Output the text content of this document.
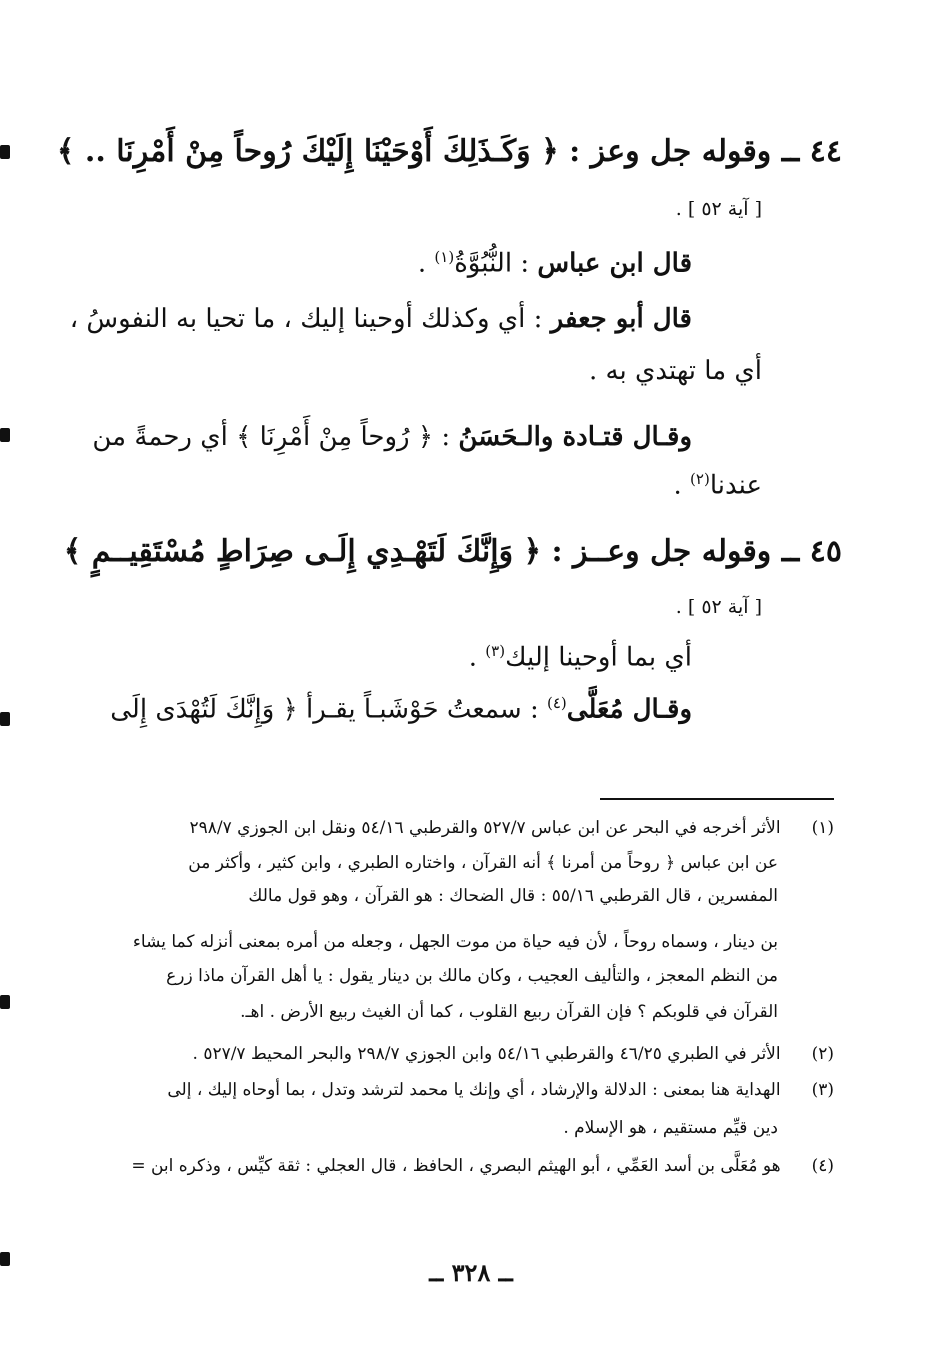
٤٤ ــ وقوله جل وعز : ﴿ وَكَـذَلِكَ أَوْحَيْنَا إِلَيْكَ رُوحاً مِنْ أَمْرِنَا .. ﴾
[ آية ٥٢ ] .
قال ابن عباس : النُّبُوَّةُ$^{(١)}$ .
قال أبو جعفر : أي وكذلك أوحينا إليك ، ما تحيا به النفوسُ ،
أي ما تهتدي به .
وقـال قتـادة والـحَسَنُ : ﴿ رُوحاً مِنْ أَمْرِنَا ﴾ أي رحمةً من
عندنا$^{(٢)}$ .
٤٥ ــ وقوله جل وعــز : ﴿ وَإِنَّكَ لَتَهْـدِي إِلَـى صِرَاطٍ مُسْتَقِيــمٍ ﴾
[ آية ٥٢ ] .
أي بما أوحينا إليك$^{(٣)}$ .
وقـال مُعَلَّى$^{(٤)}$ : سمعتُ حَوْشَبـاً يقـرأ ﴿ وَإِنَّكَ لَتُهْدَى إِلَى
(١) الأثر أخرجه في البحر عن ابن عباس ٥٢٧/٧ والقرطبي ٥٤/١٦ ونقل ابن الجوزي ٢٩٨/٧
عن ابن عباس ﴿ روحاً من أمرنا ﴾ أنه القرآن ، واختاره الطبري ، وابن كثير ، وأكثر من
المفسرين ، قال القرطبي ٥٥/١٦ : قال الضحاك : هو القرآن ، وهو قول مالك
بن دينار ، وسماه روحاً ، لأن فيه حياة من موت الجهل ، وجعله من أمره بمعنى أنزله كما يشاء
من النظم المعجز ، والتأليف العجيب ، وكان مالك بن دينار يقول : يا أهل القرآن ماذا زرع
القرآن في قلوبكم ؟ فإن القرآن ربيع القلوب ، كما أن الغيث ربيع الأرض . اهـ.
(٢) الأثر في الطبري ٤٦/٢٥ والقرطبي ٥٤/١٦ وابن الجوزي ٢٩٨/٧ والبحر المحيط ٥٢٧/٧ .
(٣) الهداية هنا بمعنى : الدلالة والإرشاد ، أي وإنك يا محمد لترشد وتدل ، بما أوحاه إليك ، إلى
دين قيِّم مستقيم ، هو الإسلام .
(٤) هو مُعَلَّى بن أسد العَمِّي ، أبو الهيثم البصري ، الحافظ ، قال العجلي : ثقة كيِّس ، وذكره ابن =
ــ ٣٢٨ ــ
